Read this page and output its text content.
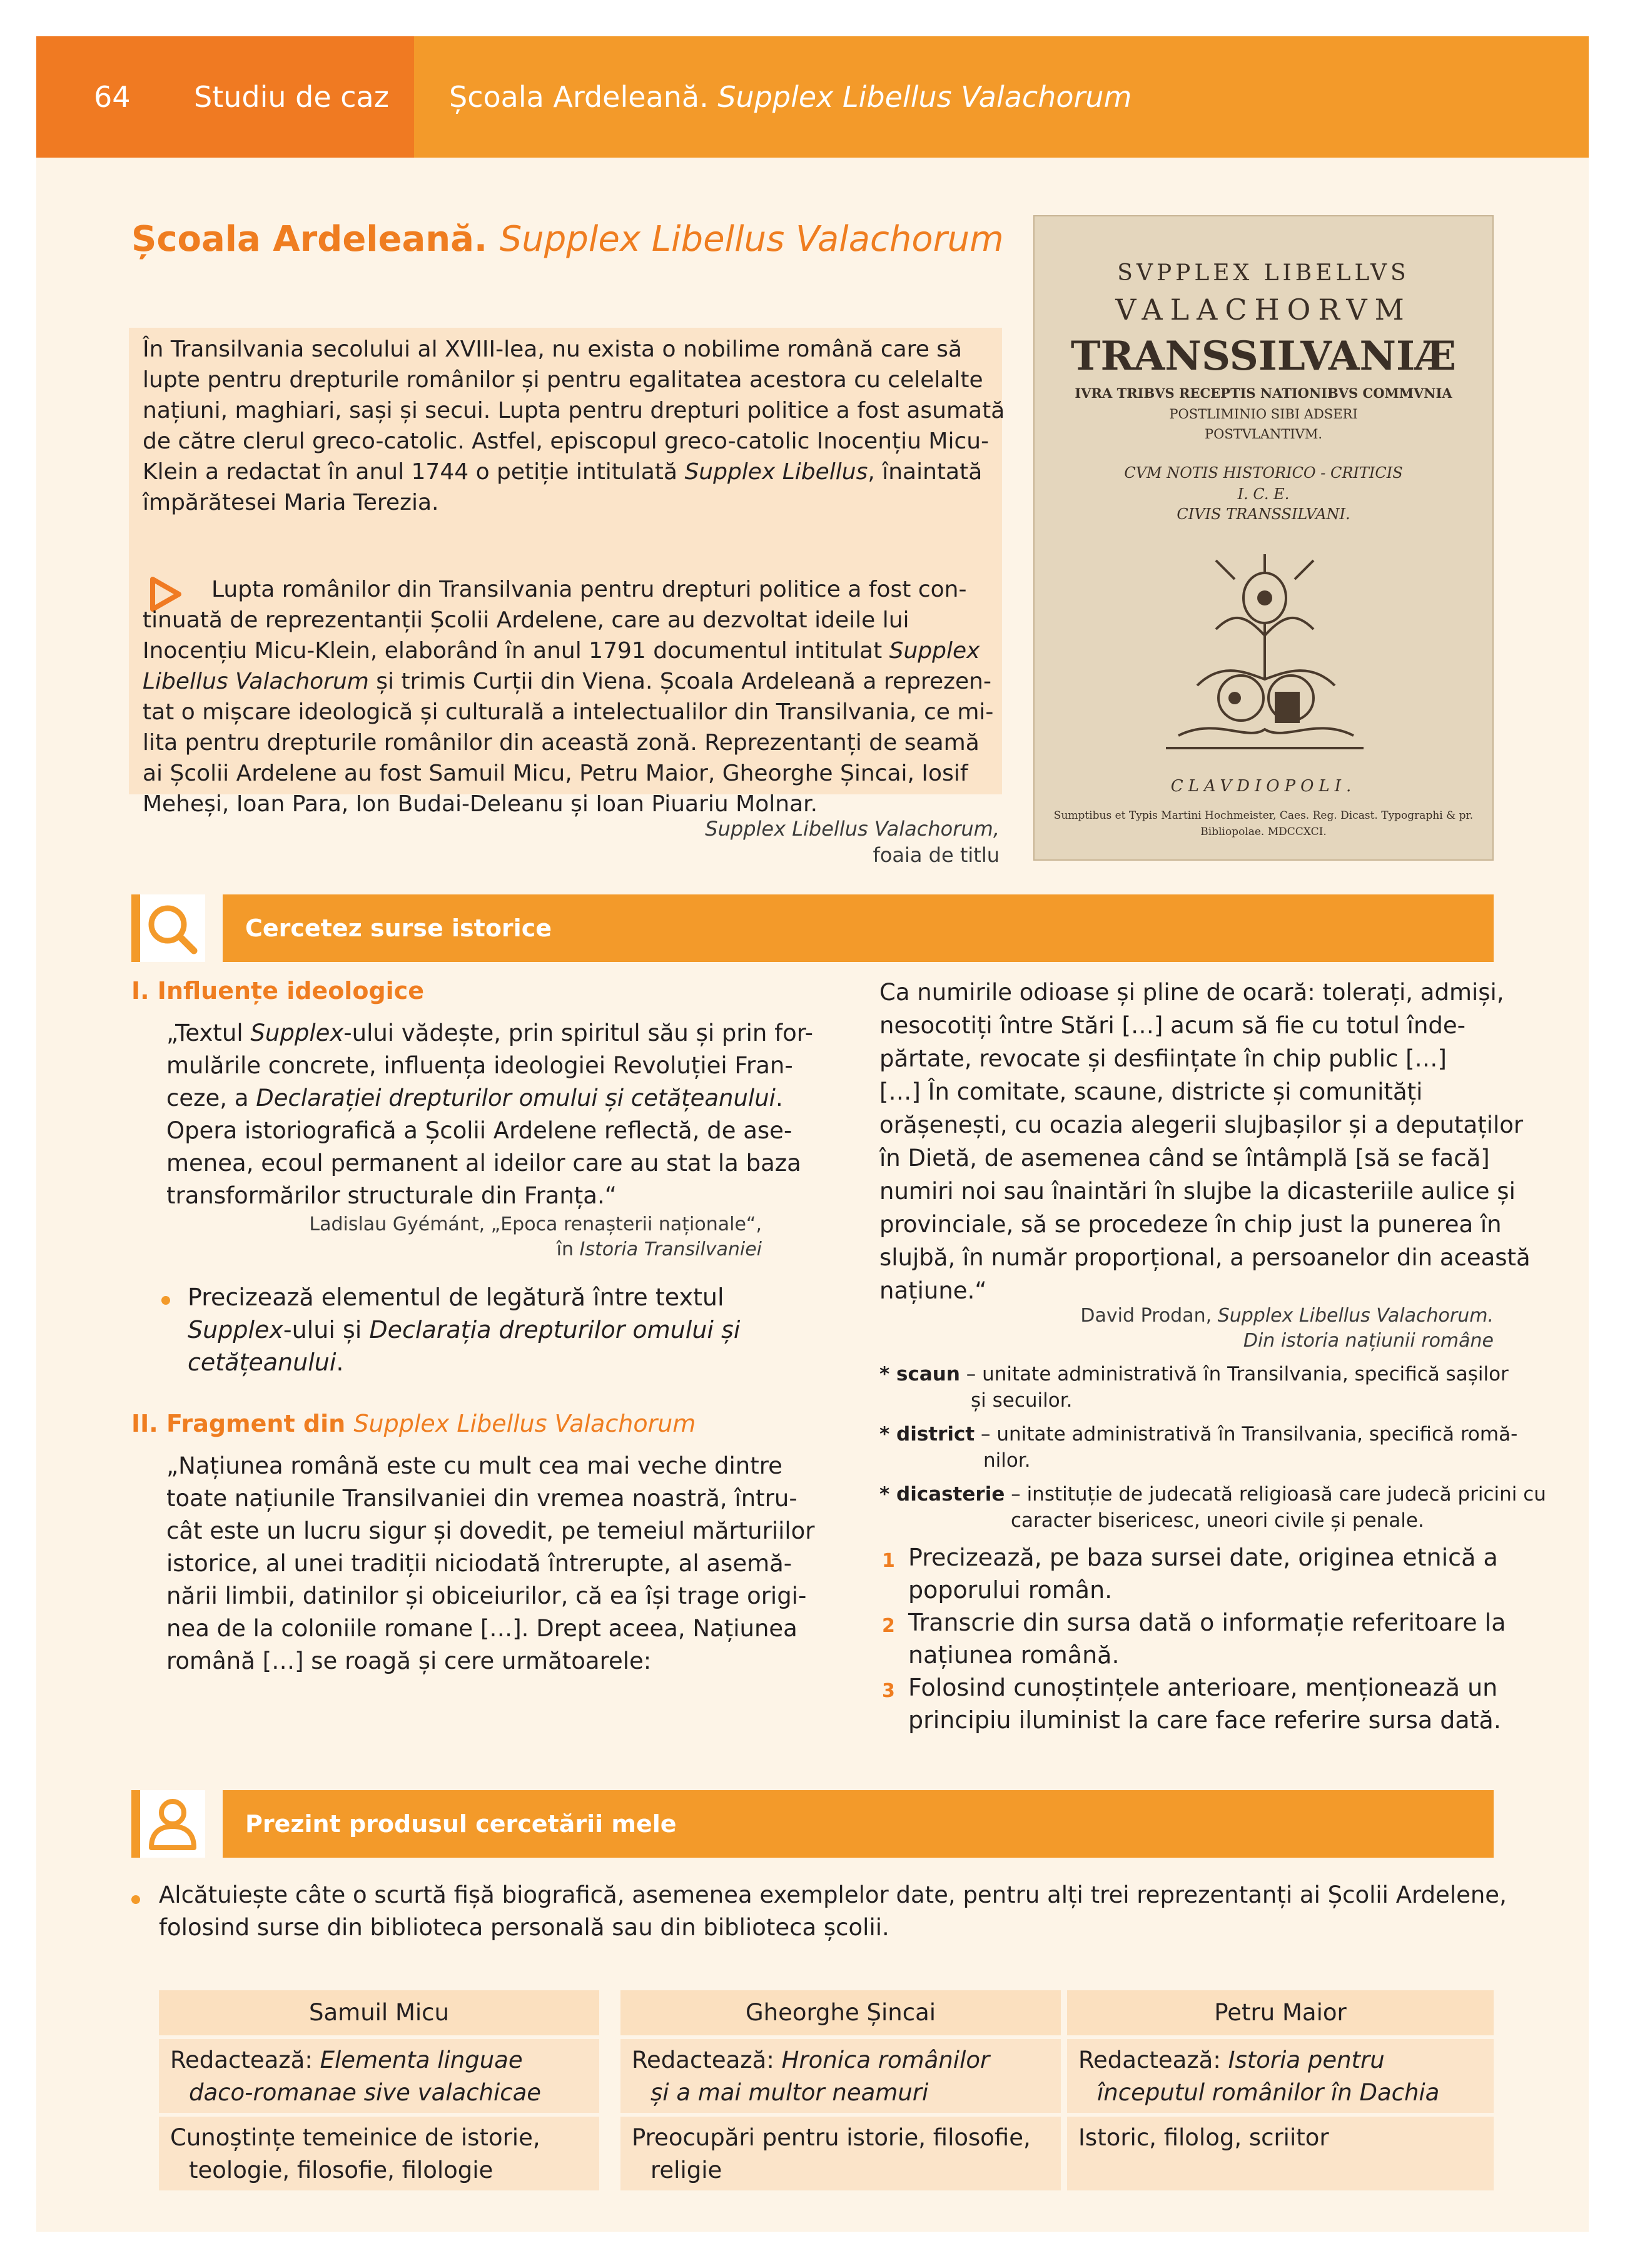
64 Studiu de caz Școala Ardeleană. Supplex Libellus Valachorum
Școala Ardeleană. Supplex Libellus Valachorum
În Transilvania secolului al XVIII-lea, nu exista o nobilime română care să
lupte pentru drepturile românilor și pentru egalitatea acestora cu celelalte
națiuni, maghiari, sași și secui. Lupta pentru drepturi politice a fost asumată
de către clerul greco-catolic. Astfel, episcopul greco-catolic Inocențiu Micu-
Klein a redactat în anul 1744 o petiție intitulată Supplex Libellus, înaintată
împărătesei Maria Terezia.
Lupta românilor din Transilvania pentru drepturi politice a fost con-
tinuată de reprezentanții Școlii Ardelene, care au dezvoltat ideile lui
Inocențiu Micu-Klein, elaborând în anul 1791 documentul intitulat Supplex
Libellus Valachorum și trimis Curții din Viena. Școala Ardeleană a reprezen-
tat o mișcare ideologică și culturală a intelectualilor din Transilvania, ce mi-
lita pentru drepturile românilor din această zonă. Reprezentanți de seamă
ai Școlii Ardelene au fost Samuil Micu, Petru Maior, Gheorghe Șincai, Iosif
Meheși, Ioan Para, Ion Budai-Deleanu și Ioan Piuariu Molnar.
SVPPLEX LIBELLVS
VALACHORVM
TRANSSILVANIÆ
IVRA TRIBVS RECEPTIS NATIONIBVS COMMVNIA
POSTLIMINIO SIBI ADSERI
POSTVLANTIVM.
CVM NOTIS HISTORICO - CRITICIS
I. C. E.
CIVIS TRANSSILVANI.
CLAVDIOPOLI.
Sumptibus et Typis Martini Hochmeister, Caes. Reg. Dicast. Typographi & pr.
Bibliopolae. MDCCXCI.
Supplex Libellus Valachorum,
foaia de titlu
Cercetez surse istorice
I. Influențe ideologice
„Textul Supplex-ului vădește, prin spiritul său și prin for-
mulările concrete, influența ideologiei Revoluției Fran-
ceze, a Declarației drepturilor omului și cetățeanului.
Opera istoriografică a Școlii Ardelene reflectă, de ase-
menea, ecoul permanent al ideilor care au stat la baza
transformărilor structurale din Franța.“
Ladislau Gyémánt, „Epoca renașterii naționale“,
în Istoria Transilvaniei
Precizează elementul de legătură între textul
Supplex-ului și Declarația drepturilor omului și
cetățeanului.
II. Fragment din Supplex Libellus Valachorum
„Națiunea română este cu mult cea mai veche dintre
toate națiunile Transilvaniei din vremea noastră, întru-
cât este un lucru sigur și dovedit, pe temeiul mărturiilor
istorice, al unei tradiții niciodată întrerupte, al asemă-
nării limbii, datinilor și obiceiurilor, că ea își trage origi-
nea de la coloniile romane […]. Drept aceea, Națiunea
română […] se roagă și cere următoarele:
Ca numirile odioase și pline de ocară: tolerați, admiși,
nesocotiți între Stări […] acum să fie cu totul înde-
părtate, revocate și desființate în chip public […]
[…] În comitate, scaune, districte și comunități
orășenești, cu ocazia alegerii slujbașilor și a deputaților
în Dietă, de asemenea când se întâmplă [să se facă]
numiri noi sau înaintări în slujbe la dicasteriile aulice și
provinciale, să se procedeze în chip just la punerea în
slujbă, în număr proporțional, a persoanelor din această
națiune.“
David Prodan, Supplex Libellus Valachorum.
Din istoria națiunii române
* scaun – unitate administrativă în Transilvania, specifică sașilor
și secuilor.
* district – unitate administrativă în Transilvania, specifică romă-
nilor.
* dicasterie – instituție de judecată religioasă care judecă pricini cu
caracter bisericesc, uneori civile și penale.
1 Precizează, pe baza sursei date, originea etnică a
poporului român.
2 Transcrie din sursa dată o informație referitoare la
națiunea română.
3 Folosind cunoștințele anterioare, menționează un
principiu iluminist la care face referire sursa dată.
Prezint produsul cercetării mele
Alcătuiește câte o scurtă fișă biografică, asemenea exemplelor date, pentru alți trei reprezentanți ai Școlii Ardelene,
folosind surse din biblioteca personală sau din biblioteca școlii.
Samuil Micu
Redactează: Elementa linguae
daco-romanae sive valachicae
Cunoștințe temeinice de istorie,
teologie, filosofie, filologie
Gheorghe Șincai
Redactează: Hronica românilor
și a mai multor neamuri
Preocupări pentru istorie, filosofie,
religie
Petru Maior
Redactează: Istoria pentru
începutul românilor în Dachia
Istoric, filolog, scriitor
